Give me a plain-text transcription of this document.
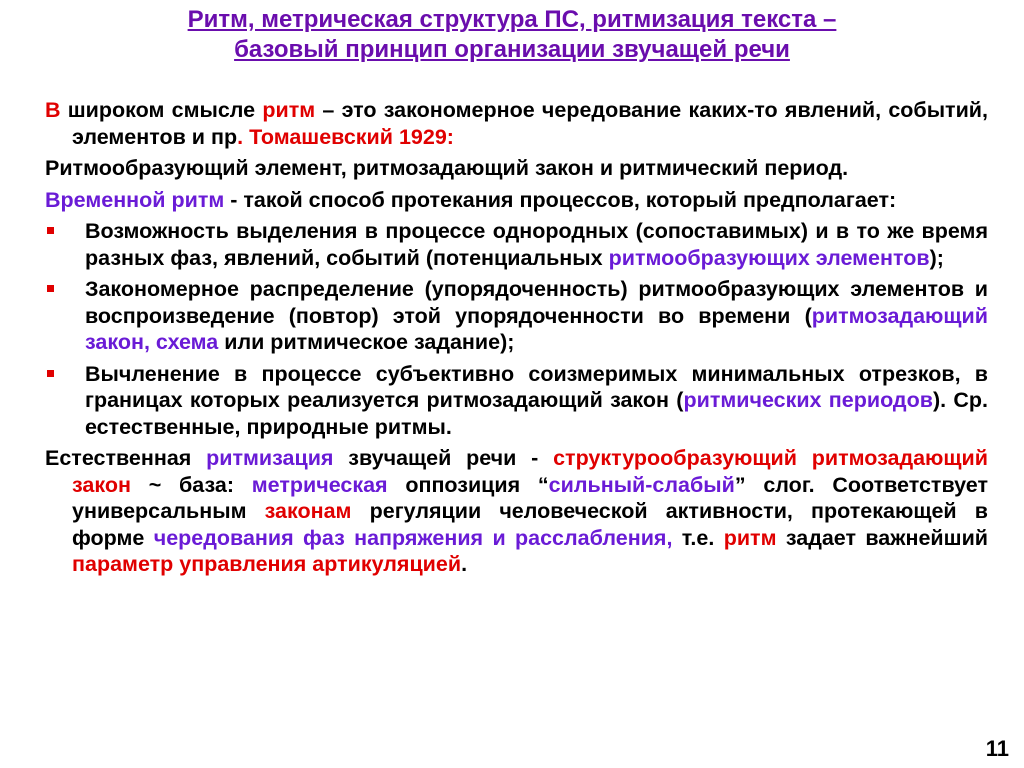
Ритм, метрическая структура ПС, ритмизация текста –
базовый принцип организации звучащей речи
В широком смысле ритм – это закономерное чередование каких-то явлений, событий, элементов и пр. Томашевский 1929:
Ритмообразующий элемент, ритмозадающий закон и ритмический период.
Временной ритм - такой способ протекания процессов, который предполагает:
Возможность выделения в процессе однородных (сопоставимых) и в то же время разных фаз, явлений, событий (потенциальных ритмообразующих элементов);
Закономерное распределение (упорядоченность) ритмообразующих элементов и воспроизведение (повтор) этой упорядоченности во времени (ритмозадающий закон, схема или ритмическое задание);
Вычленение в процессе субъективно соизмеримых минимальных отрезков, в границах которых реализуется ритмозадающий закон (ритмических периодов). Ср. естественные, природные ритмы.
Естественная ритмизация звучащей речи - структурообразующий ритмозадающий закон ~ база: метрическая оппозиция “сильный-слабый” слог. Соответствует универсальным законам регуляции человеческой активности, протекающей в форме чередования фаз напряжения и расслабления, т.е. ритм задает важнейший параметр управления артикуляцией.
11
